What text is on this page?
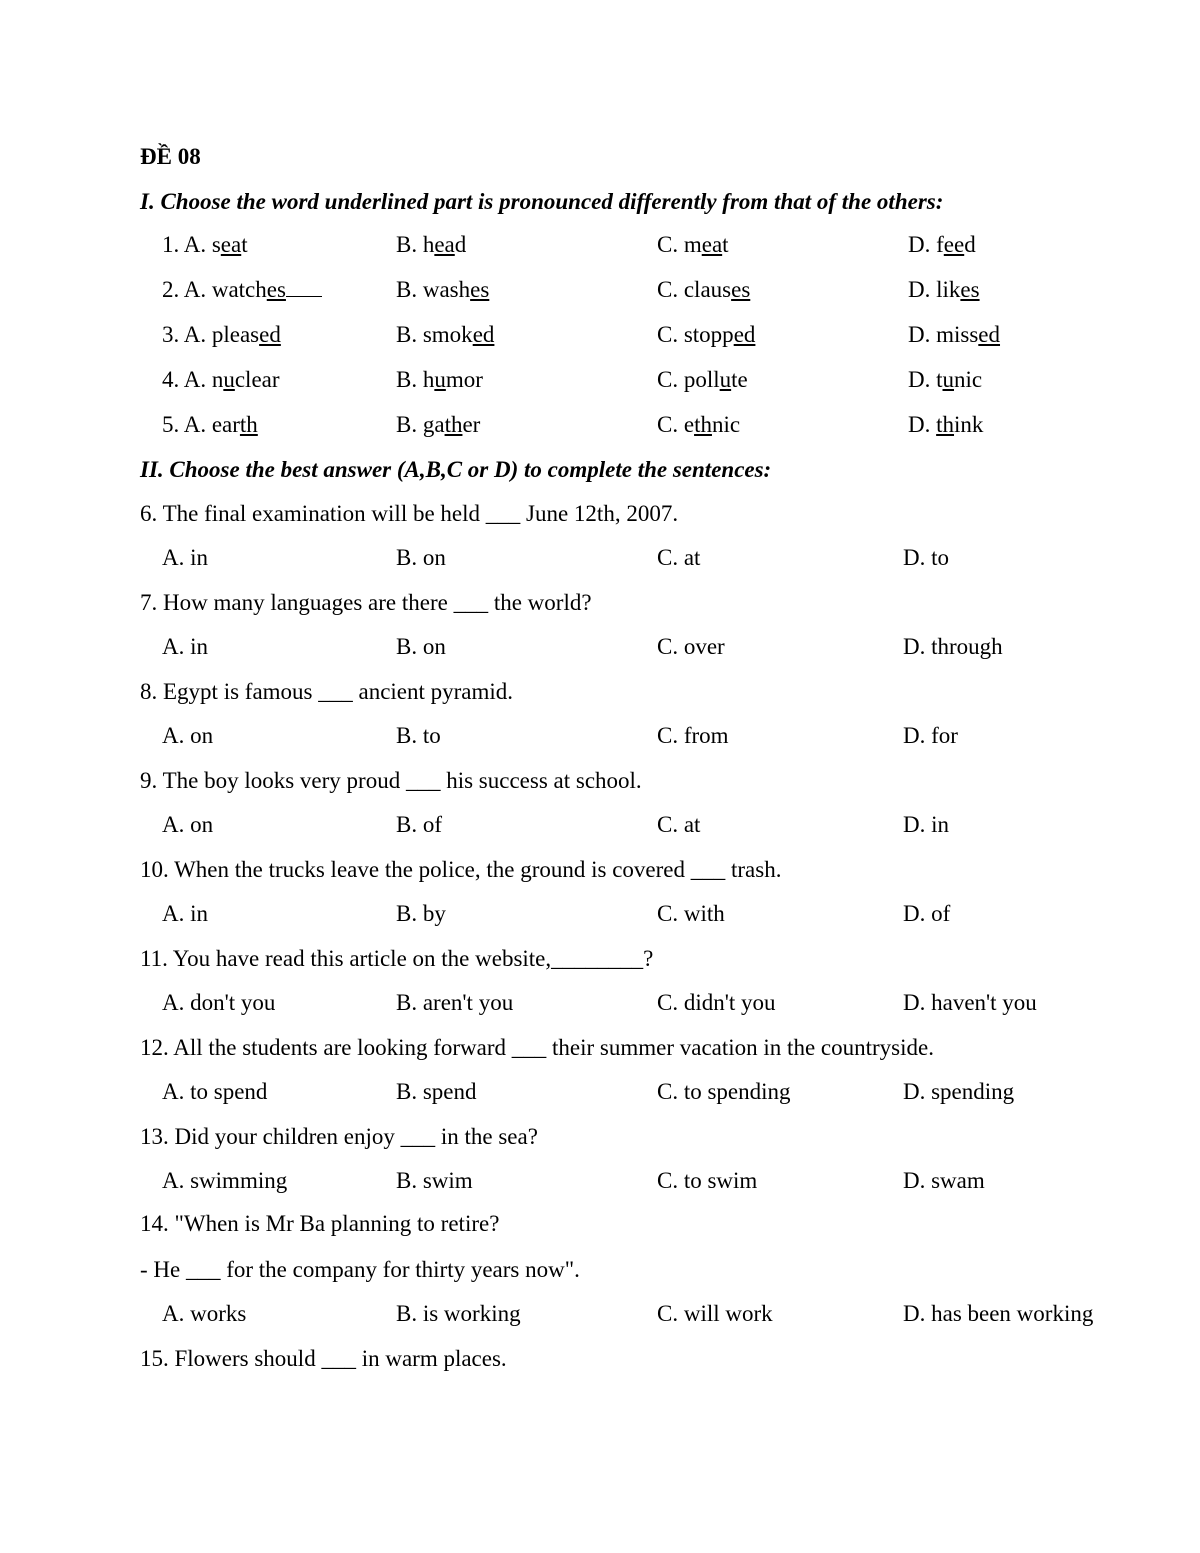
ĐỀ 08
I. Choose the word underlined part is pronounced differently from that of the others:
1. A. seat	B. head	C. meat	D. feed
2. A. watches	B. washes	C. clauses	D. likes
3. A. pleased	B. smoked	C. stopped	D. missed
4. A. nuclear	B. humor	C. pollute	D. tunic
5. A. earth	B. gather	C. ethnic	D. think
II. Choose the best answer (A,B,C or D) to complete the sentences:
6. The final examination will be held ___ June 12th, 2007.
A. in	B. on	C. at	D. to
7. How many languages are there ___ the world?
A. in	B. on	C. over	D. through
8. Egypt is famous ___ ancient pyramid.
A. on	B. to	C. from	D. for
9. The boy looks very proud ___ his success at school.
A. on	B. of	C. at	D. in
10. When the trucks leave the police, the ground is covered ___ trash.
A. in	B. by	C. with	D. of
11. You have read this article on the website,________?
A. don't you	B. aren't you	C. didn't you	D. haven't you
12. All the students are looking forward ___ their summer vacation in the countryside.
A. to spend	B. spend	C. to spending	D. spending
13. Did your children enjoy ___ in the sea?
A. swimming	B. swim	C. to swim	D. swam
14. "When is Mr Ba planning to retire?
- He ___ for the company for thirty years now".
A. works	B. is working	C. will work	D. has been working
15. Flowers should ___ in warm places.
